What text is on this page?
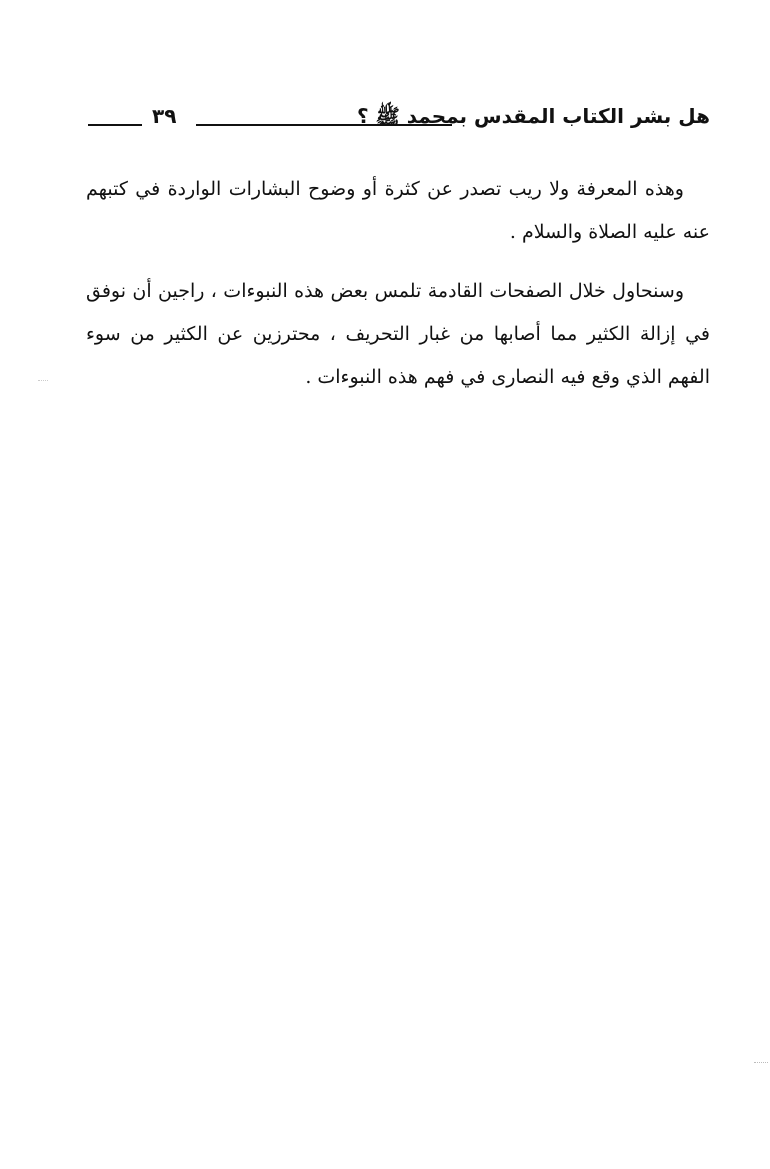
٣٩	هل بشر الكتاب المقدس بمحمد ﷺ ؟

وهذه المعرفة ولا ريب تصدر عن كثرة أو وضوح البشارات الواردة في كتبهم عنه عليه الصلاة والسلام .

وسنحاول خلال الصفحات القادمة تلمس بعض هذه النبوءات ، راجين أن نوفق في إزالة الكثير مما أصابها من غبار التحريف ، محترزين عن الكثير من سوء الفهم الذي وقع فيه النصارى في فهم هذه النبوءات .
